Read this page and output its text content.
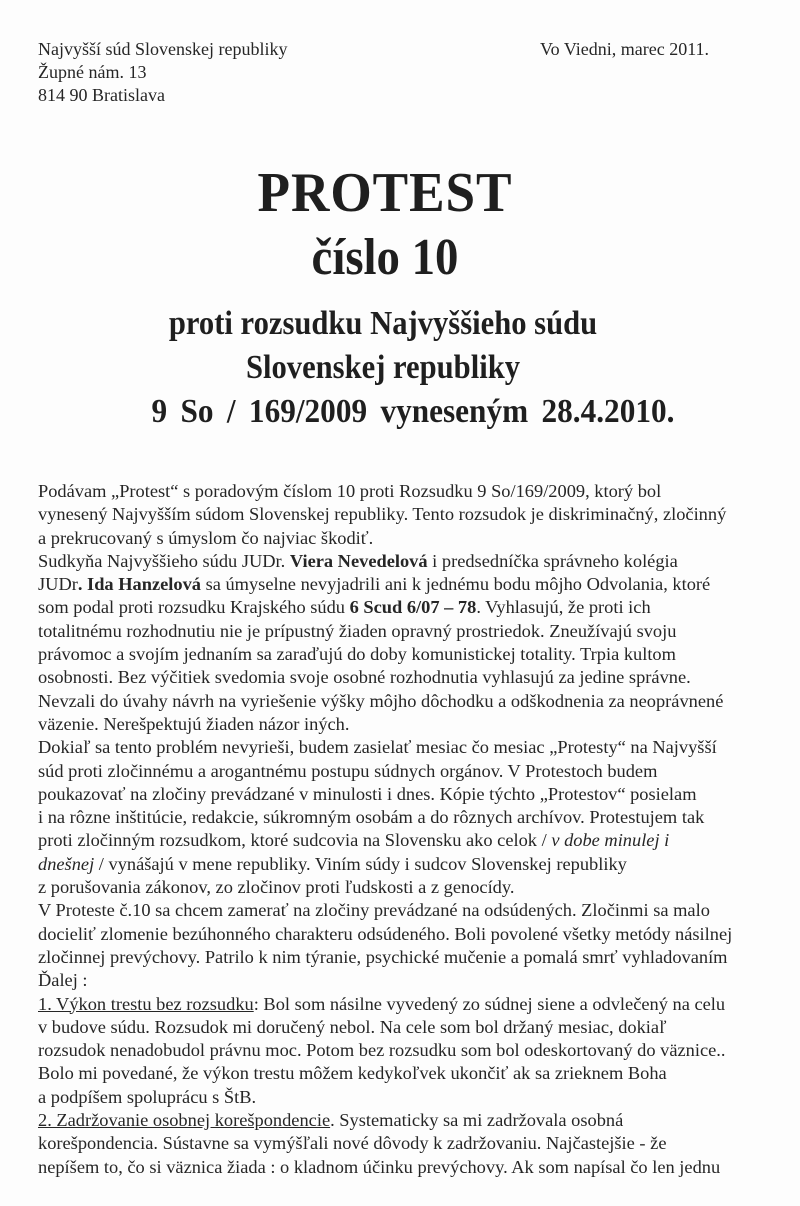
Najvyšší súd Slovenskej republiky
Župné nám. 13
814 90 Bratislava
Vo Viedni, marec 2011.
PROTEST
číslo 10
proti rozsudku Najvyššieho súdu
Slovenskej republiky
9 So / 169/2009 vyneseným 28.4.2010.
Podávam „Protest“ s poradovým číslom 10 proti Rozsudku 9 So/169/2009, ktorý bol
vynesený Najvyšším súdom Slovenskej republiky. Tento rozsudok je diskriminačný, zločinný
a prekrucovaný s úmyslom čo najviac škodiť.
Sudkyňa Najvyššieho súdu JUDr. Viera Nevedelová i predsedníčka správneho kolégia
JUDr. Ida Hanzelová sa úmyselne nevyjadrili ani k jednému bodu môjho Odvolania, ktoré
som podal proti rozsudku Krajského súdu 6 Scud 6/07 – 78. Vyhlasujú, že proti ich
totalitnému rozhodnutiu nie je prípustný žiaden opravný prostriedok. Zneužívajú svoju
právomoc a svojím jednaním sa zaraďujú do doby komunistickej totality. Trpia kultom
osobnosti. Bez výčitiek svedomia svoje osobné rozhodnutia vyhlasujú za jedine správne.
Nevzali do úvahy návrh na vyriešenie výšky môjho dôchodku a odškodnenia za neoprávnené
väzenie. Nerešpektujú žiaden názor iných.
Dokiaľ sa tento problém nevyrieši, budem zasielať mesiac čo mesiac „Protesty“ na Najvyšší
súd proti zločinnému a arogantnému postupu súdnych orgánov. V Protestoch budem
poukazovať na zločiny prevádzané v minulosti i dnes. Kópie týchto „Protestov“ posielam
i na rôzne inštitúcie, redakcie, súkromným osobám a do rôznych archívov. Protestujem tak
proti zločinným rozsudkom, ktoré sudcovia na Slovensku ako celok / v dobe minulej i
dnešnej / vynášajú v mene republiky. Viním súdy i sudcov Slovenskej republiky
z porušovania zákonov, zo zločinov proti ľudskosti a z genocídy.
V Proteste č.10 sa chcem zamerať na zločiny prevádzané na odsúdených. Zločinmi sa malo
docieliť zlomenie bezúhonného charakteru odsúdeného. Boli povolené všetky metódy násilnej
zločinnej prevýchovy. Patrilo k nim týranie, psychické mučenie a pomalá smrť vyhladovaním
Ďalej :
1. Výkon trestu bez rozsudku: Bol som násilne vyvedený zo súdnej siene a odvlečený na celu
v budove súdu. Rozsudok mi doručený nebol. Na cele som bol držaný mesiac, dokiaľ
rozsudok nenadobudol právnu moc. Potom bez rozsudku som bol odeskortovaný do väznice..
Bolo mi povedané, že výkon trestu môžem kedykoľvek ukončiť ak sa zrieknem Boha
a podpíšem spoluprácu s ŠtB.
2. Zadržovanie osobnej korešpondencie. Systematicky sa mi zadržovala osobná
korešpondencia. Sústavne sa vymýšľali nové dôvody k zadržovaniu. Najčastejšie - že
nepíšem to, čo si väznica žiada : o kladnom účinku prevýchovy. Ak som napísal čo len jednu
